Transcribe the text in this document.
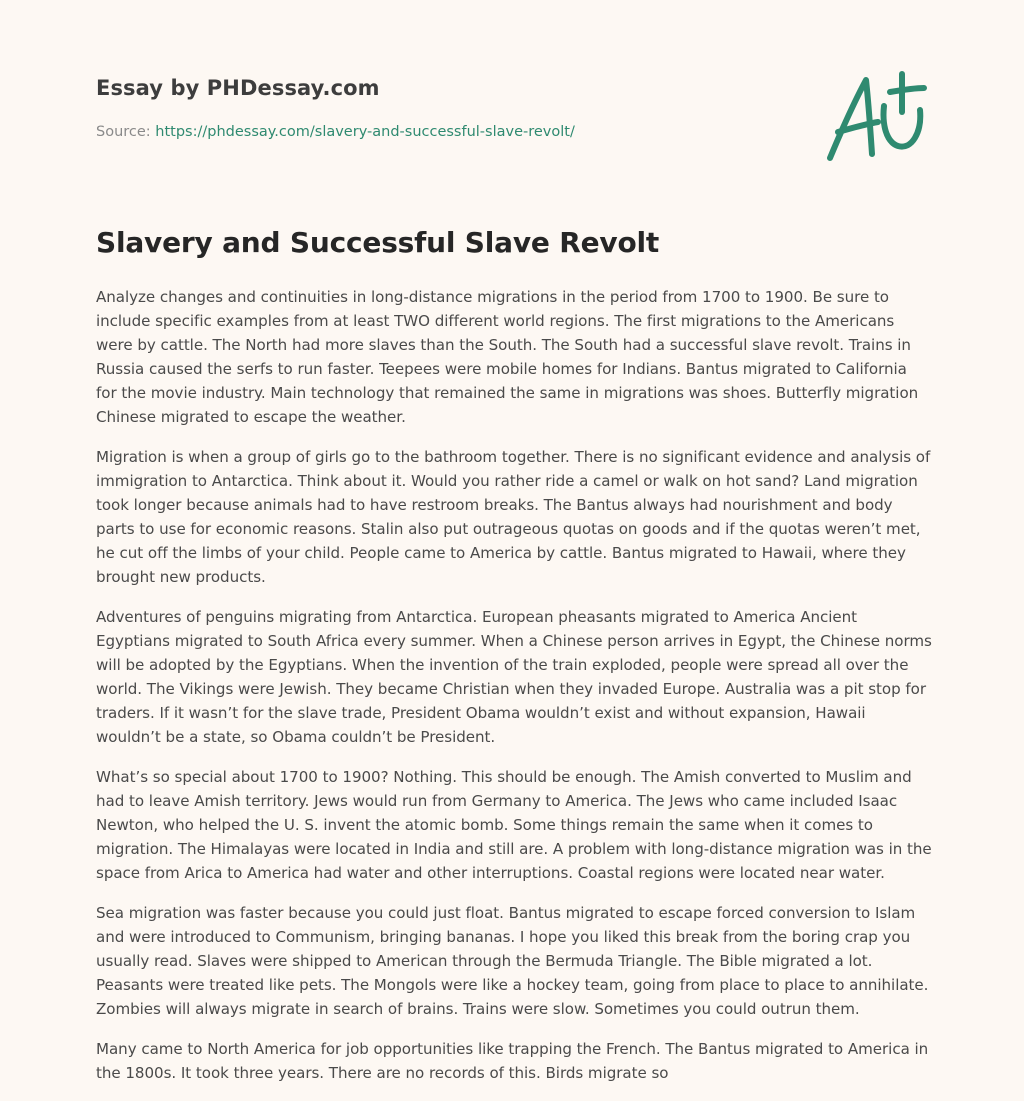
Essay by PHDessay.com

Source: https://phdessay.com/slavery-and-successful-slave-revolt/
Slavery and Successful Slave Revolt

Analyze changes and continuities in long-distance migrations in the period from 1700 to 1900. Be sure to include specific examples from at least TWO different world regions. The first migrations to the Americans were by cattle. The North had more slaves than the South. The South had a successful slave revolt. Trains in Russia caused the serfs to run faster. Teepees were mobile homes for Indians. Bantus migrated to California for the movie industry. Main technology that remained the same in migrations was shoes. Butterfly migration Chinese migrated to escape the weather.

Migration is when a group of girls go to the bathroom together. There is no significant evidence and analysis of immigration to Antarctica. Think about it. Would you rather ride a camel or walk on hot sand? Land migration took longer because animals had to have restroom breaks. The Bantus always had nourishment and body parts to use for economic reasons. Stalin also put outrageous quotas on goods and if the quotas weren’t met, he cut off the limbs of your child. People came to America by cattle. Bantus migrated to Hawaii, where they brought new products.

Adventures of penguins migrating from Antarctica. European pheasants migrated to America Ancient Egyptians migrated to South Africa every summer. When a Chinese person arrives in Egypt, the Chinese norms will be adopted by the Egyptians. When the invention of the train exploded, people were spread all over the world. The Vikings were Jewish. They became Christian when they invaded Europe. Australia was a pit stop for traders. If it wasn’t for the slave trade, President Obama wouldn’t exist and without expansion, Hawaii wouldn’t be a state, so Obama couldn’t be President.

What’s so special about 1700 to 1900? Nothing. This should be enough. The Amish converted to Muslim and had to leave Amish territory. Jews would run from Germany to America. The Jews who came included Isaac Newton, who helped the U. S. invent the atomic bomb. Some things remain the same when it comes to migration. The Himalayas were located in India and still are. A problem with long-distance migration was in the space from Arica to America had water and other interruptions. Coastal regions were located near water.

Sea migration was faster because you could just float. Bantus migrated to escape forced conversion to Islam and were introduced to Communism, bringing bananas. I hope you liked this break from the boring crap you usually read. Slaves were shipped to American through the Bermuda Triangle. The Bible migrated a lot. Peasants were treated like pets. The Mongols were like a hockey team, going from place to place to annihilate. Zombies will always migrate in search of brains. Trains were slow. Sometimes you could outrun them.

Many came to North America for job opportunities like trapping the French. The Bantus migrated to America in the 1800s. It took three years. There are no records of this. Birds migrate so
